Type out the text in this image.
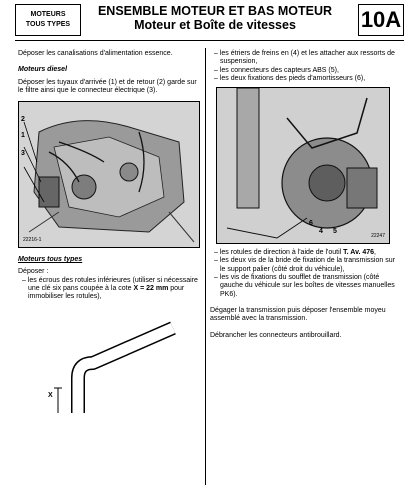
MOTEURS
TOUS TYPES
ENSEMBLE MOTEUR ET BAS MOTEUR
Moteur et Boîte de vitesses	10A

Déposer les canalisations d'alimentation essence.

Moteurs diesel

Déposer les tuyaux d'arrivée (1) et de retour (2) garde sur le filtre ainsi que le connecteur électrique (3).

2
1
3
22216-1

Moteurs tous types

Déposer :

– les écrous des rotules inférieures (utiliser si nécessaire une clé six pans coupée à la cote X = 22 mm pour immobiliser les rotules),

X

– les étriers de freins en (4) et les attacher aux ressorts de suspension,

– les connecteurs des capteurs ABS (5),

– les deux fixations des pieds d'amortisseurs (6),

6
4 5
22247

– les rotules de direction à l'aide de l'outil T. Av. 476,

– les deux vis de la bride de fixation de la transmission sur le support palier (côté droit du véhicule),

– les vis de fixations du soufflet de transmission (côté gauche du véhicule sur les boîtes de vitesses manuelles PK6).

Dégager la transmission puis déposer l'ensemble moyeu assemblé avec la transmission.

Débrancher les connecteurs antibrouillard.
